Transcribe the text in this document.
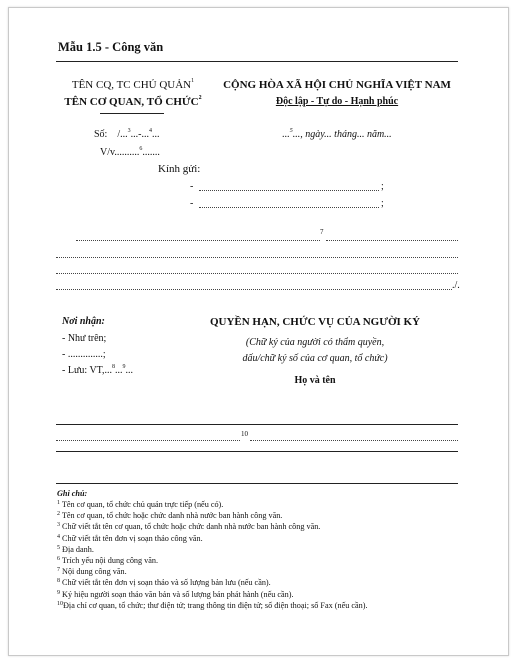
Mẫu 1.5 - Công văn
TÊN CQ, TC CHỦ QUẢN$^1$
TÊN CƠ QUAN, TỔ CHỨC$^2$
Số: /...$^3$...-...$^4$...
V/v..........$^6$.......
CỘNG HÒA XÃ HỘI CHỦ NGHĨA VIỆT NAM
Độc lập - Tự do - Hạnh phúc
...$^5$..., ngày... tháng... năm...
Kính gửi:
-	;
-	;
7
./.
Nơi nhận:
- Như trên;
- ..............;
- Lưu: VT,...$^8$...$^9$...
QUYỀN HẠN, CHỨC VỤ CỦA NGƯỜI KÝ
(Chữ ký của người có thẩm quyền,
dấu/chữ ký số của cơ quan, tổ chức)
Họ và tên
10
Ghi chú:
$^1$ Tên cơ quan, tổ chức chủ quản trực tiếp (nếu có).
$^2$ Tên cơ quan, tổ chức hoặc chức danh nhà nước ban hành công văn.
$^3$ Chữ viết tắt tên cơ quan, tổ chức hoặc chức danh nhà nước ban hành công văn.
$^4$ Chữ viết tắt tên đơn vị soạn thảo công văn.
$^5$ Địa danh.
$^6$ Trích yếu nội dung công văn.
$^7$ Nội dung công văn.
$^8$ Chữ viết tắt tên đơn vị soạn thảo và số lượng bản lưu (nếu cần).
$^9$ Ký hiệu người soạn thảo văn bản và số lượng bản phát hành (nếu cần).
$^{10}$Địa chỉ cơ quan, tổ chức; thư điện tử; trang thông tin điện tử; số điện thoại; số Fax (nếu cần).
